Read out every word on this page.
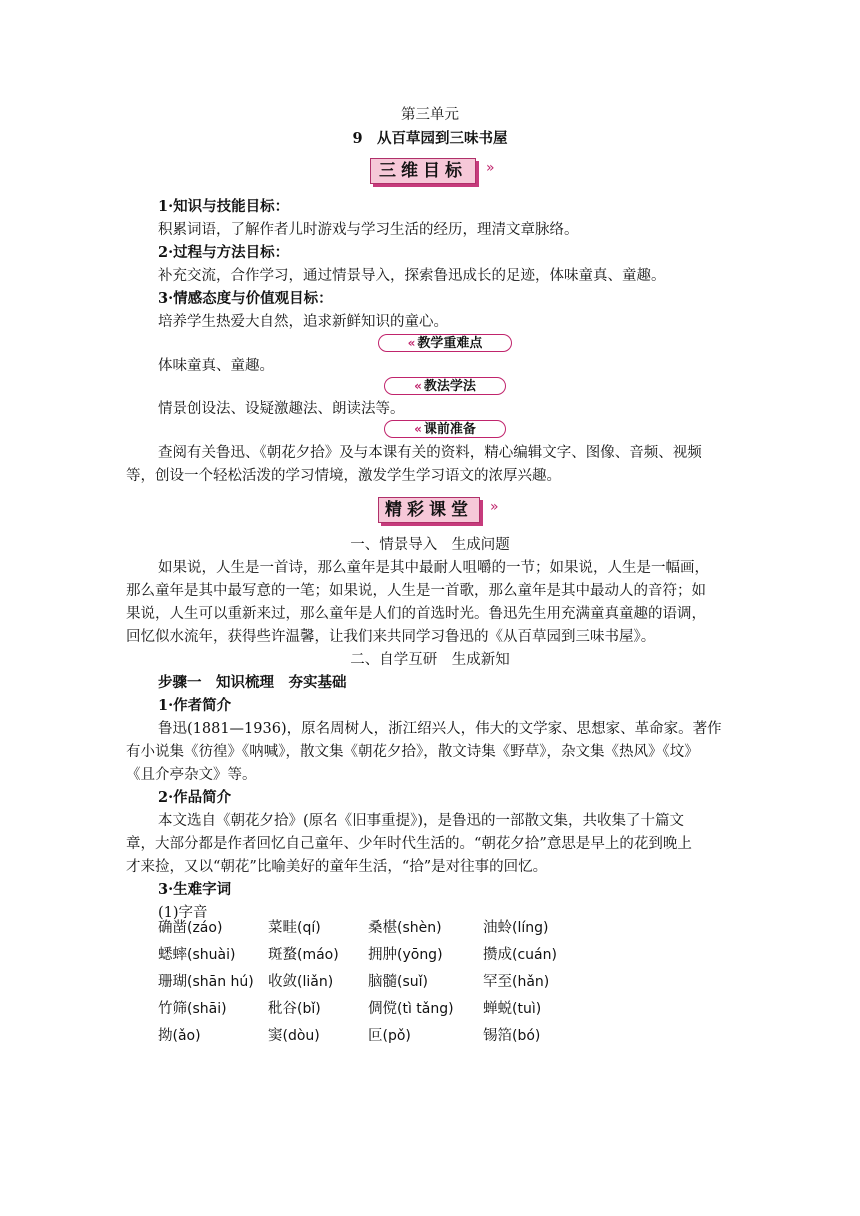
第三单元
9　从百草园到三味书屋
三维目标	»
1·知识与技能目标：
积累词语，了解作者儿时游戏与学习生活的经历，理清文章脉络。
2·过程与方法目标：
补充交流，合作学习，通过情景导入，探索鲁迅成长的足迹，体味童真、童趣。
3·情感态度与价值观目标：
培养学生热爱大自然，追求新鲜知识的童心。
« 教学重难点
体味童真、童趣。
« 教法学法
情景创设法、设疑激趣法、朗读法等。
« 课前准备
查阅有关鲁迅、《朝花夕拾》及与本课有关的资料，精心编辑文字、图像、音频、视频
等，创设一个轻松活泼的学习情境，激发学生学习语文的浓厚兴趣。
精彩课堂	»
一、情景导入　生成问题
如果说，人生是一首诗，那么童年是其中最耐人咀嚼的一节；如果说，人生是一幅画，
那么童年是其中最写意的一笔；如果说，人生是一首歌，那么童年是其中最动人的音符；如
果说，人生可以重新来过，那么童年是人们的首选时光。鲁迅先生用充满童真童趣的语调，
回忆似水流年，获得些许温馨，让我们来共同学习鲁迅的《从百草园到三味书屋》。
二、自学互研　生成新知
步骤一　知识梳理　夯实基础
1·作者简介
鲁迅(1881—1936)，原名周树人，浙江绍兴人，伟大的文学家、思想家、革命家。著作
有小说集《彷徨》《呐喊》，散文集《朝花夕拾》，散文诗集《野草》，杂文集《热风》《坟》
《且介亭杂文》等。
2·作品简介
本文选自《朝花夕拾》(原名《旧事重提》)，是鲁迅的一部散文集，共收集了十篇文
章，大部分都是作者回忆自己童年、少年时代生活的。“朝花夕拾”意思是早上的花到晚上
才来捡，又以“朝花”比喻美好的童年生活，“拾”是对往事的回忆。
3·生难字词
(1)字音
确凿(záo)	菜畦(qí)	桑椹(shèn)	油蛉(líng)
蟋蟀(shuài) 斑蝥(máo) 拥肿(yōng)	攒成(cuán)
珊瑚(shān hú) 收敛(liǎn) 脑髓(suǐ)	罕至(hǎn)
竹筛(shāi)	秕谷(bǐ)	倜傥(tì tǎng) 蝉蜕(tuì)
拗(ǎo)	窦(dòu)	叵(pǒ)	锡箔(bó)
